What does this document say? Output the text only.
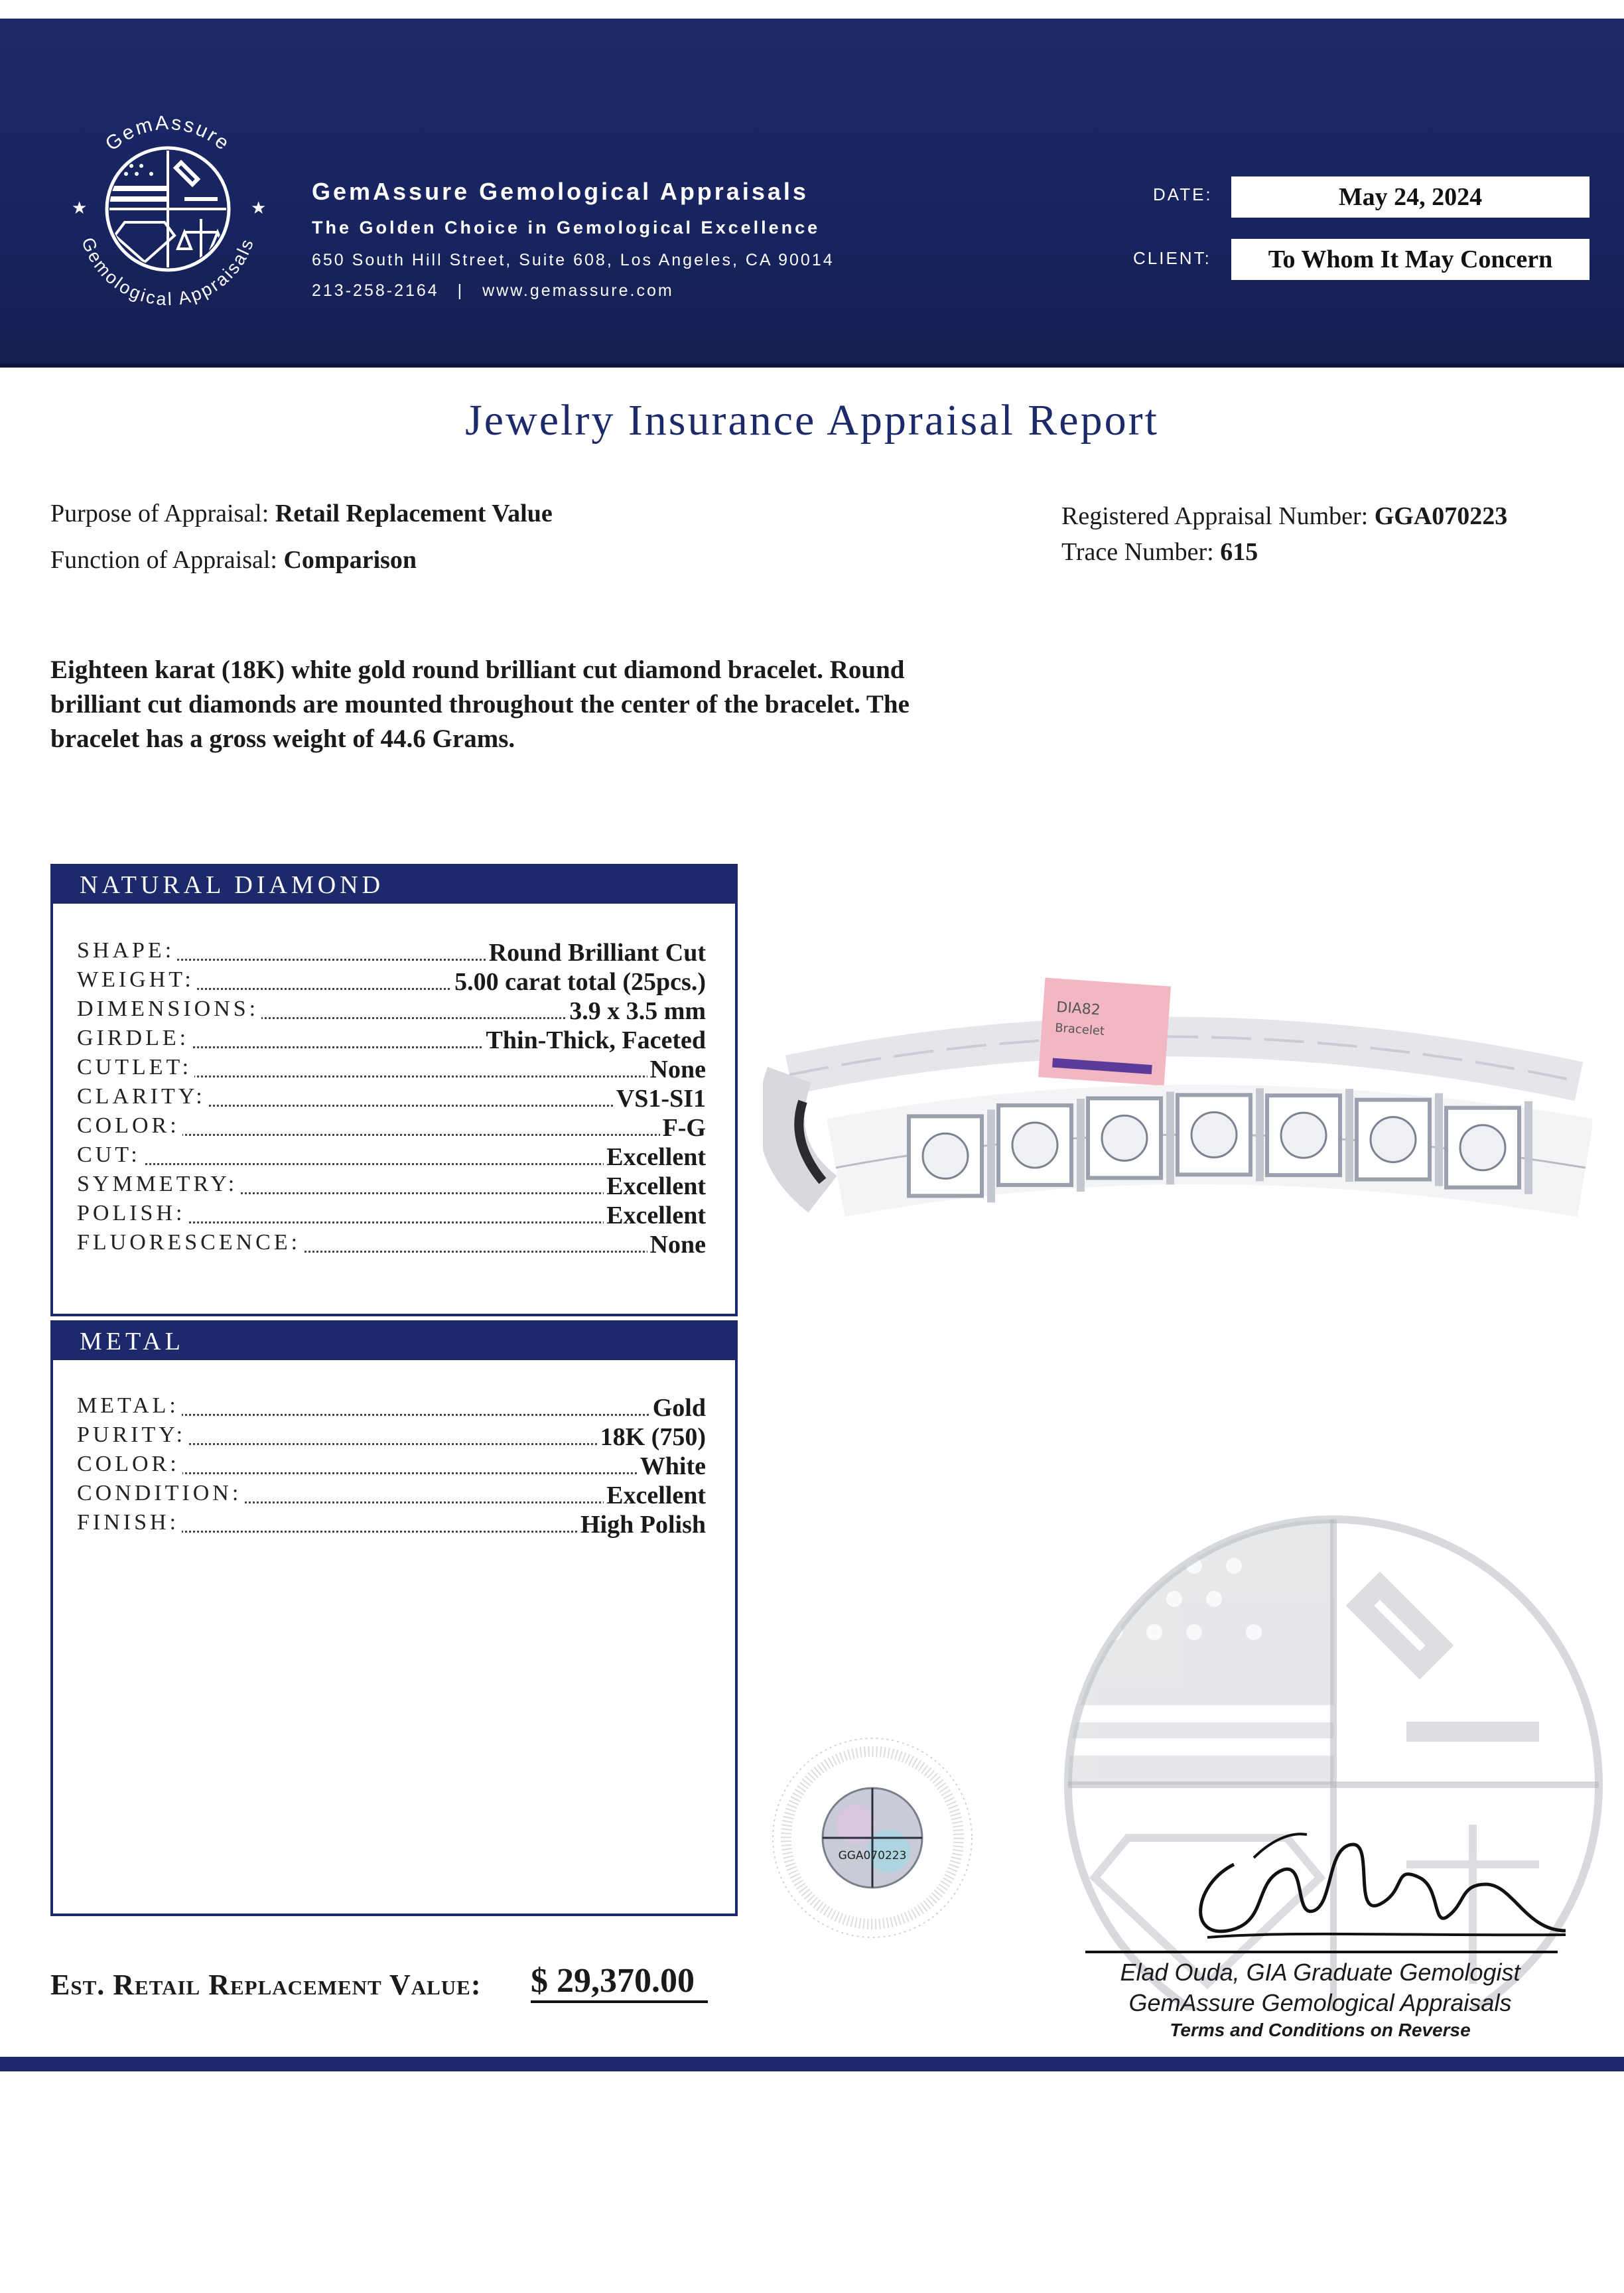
GemAssure
Gemological Appraisals
★	★
GemAssure Gemological Appraisals
The Golden Choice in Gemological Excellence
650 South Hill Street, Suite 608, Los Angeles, CA 90014
213-258-2164 | www.gemassure.com
DATE:	May 24, 2024
CLIENT:	To Whom It May Concern
Jewelry Insurance Appraisal Report
Purpose of Appraisal: Retail Replacement Value
Function of Appraisal: Comparison
Registered Appraisal Number: GGA070223
Trace Number: 615
Eighteen karat (18K) white gold round brilliant cut diamond bracelet. Round brilliant cut diamonds are mounted throughout the center of the bracelet. The bracelet has a gross weight of 44.6 Grams.
NATURAL DIAMOND
SHAPE:	Round Brilliant Cut
WEIGHT:	5.00 carat total (25pcs.)
DIMENSIONS:	3.9 x 3.5 mm
GIRDLE:	Thin-Thick, Faceted
CUTLET:	None
CLARITY:	VS1-SI1
COLOR:	F-G
CUT:	Excellent
SYMMETRY:	Excellent
POLISH:	Excellent
FLUORESCENCE:	None
METAL
METAL:	Gold
PURITY:	18K (750)
COLOR:	White
CONDITION:	Excellent
FINISH:	High Polish
DIA82
Bracelet
GGA070223
Elad Ouda, GIA Graduate Gemologist
GemAssure Gemological Appraisals
Terms and Conditions on Reverse
Est. Retail Replacement Value: $ 29,370.00
